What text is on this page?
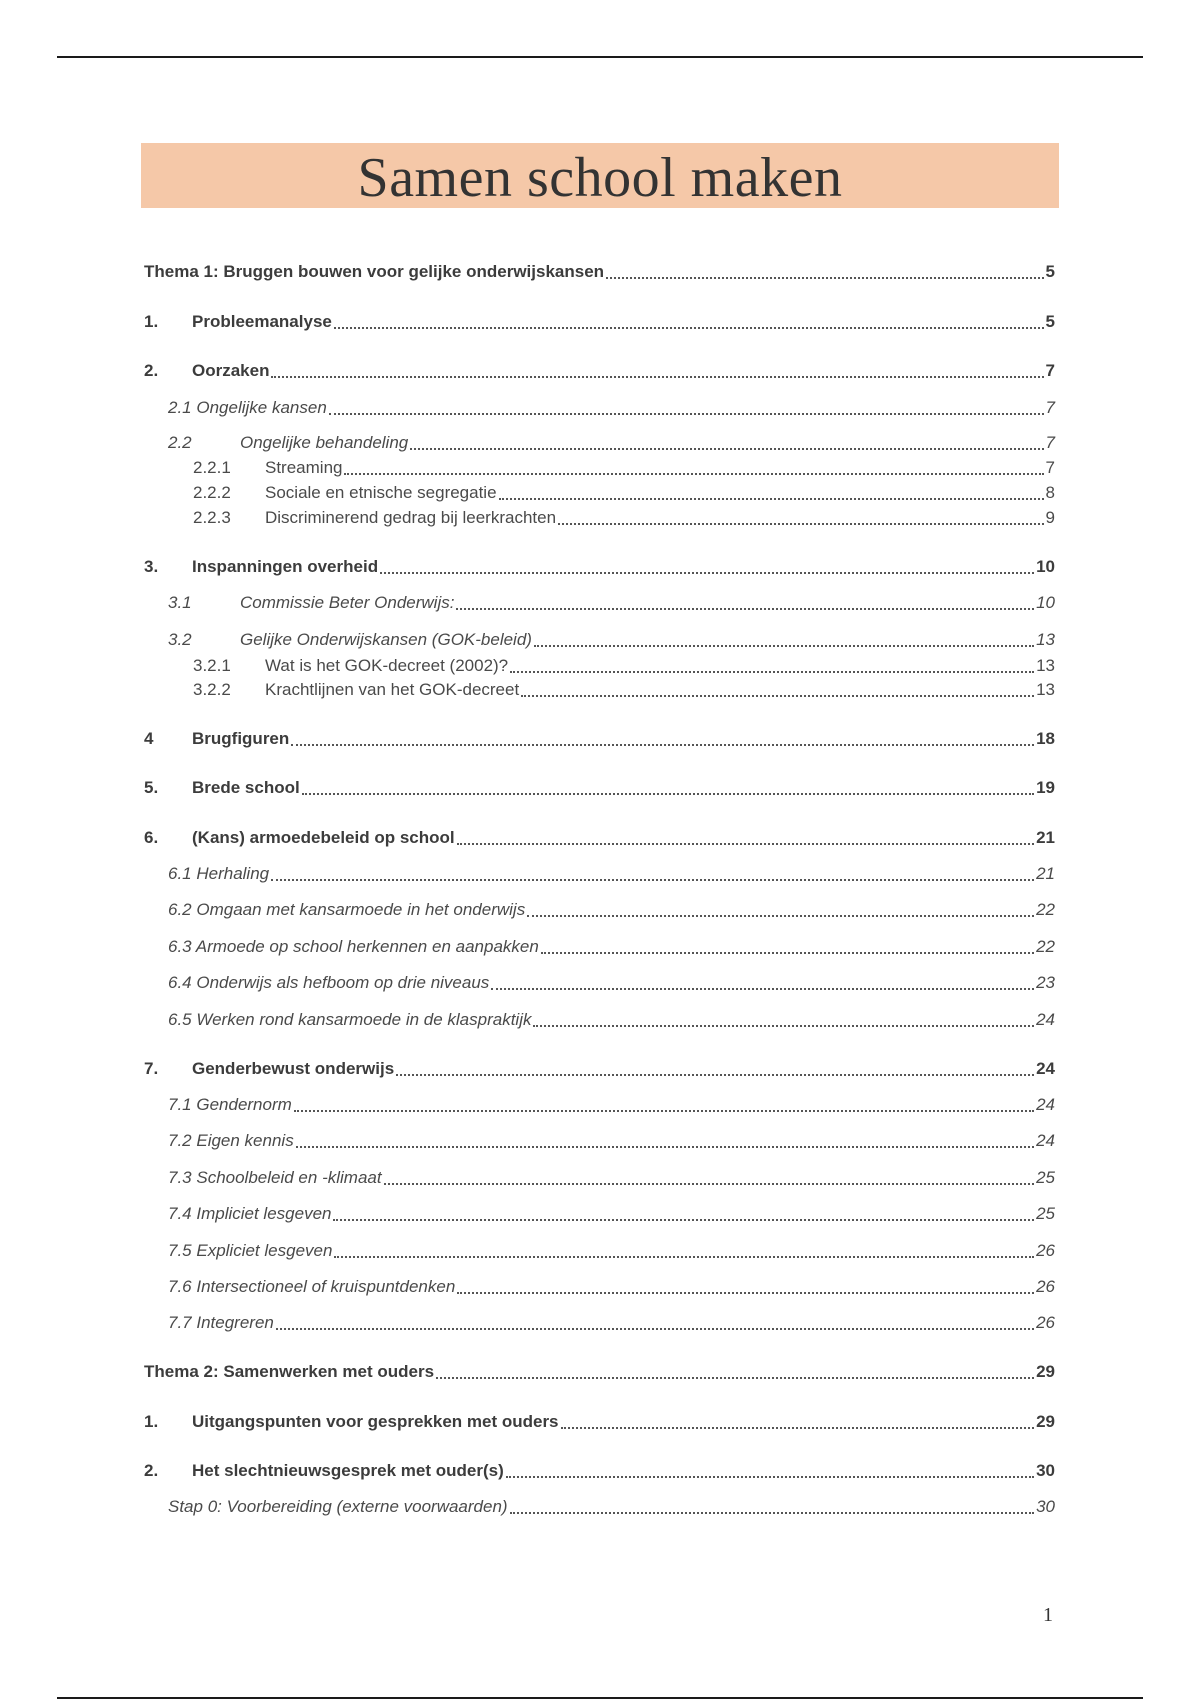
Samen school maken
Thema 1: Bruggen bouwen voor gelijke onderwijskansen	5
1.	Probleemanalyse	5
2.	Oorzaken	7
2.1 Ongelijke kansen	7
2.2	Ongelijke behandeling	7
2.2.1	Streaming	7
2.2.2	Sociale en etnische segregatie	8
2.2.3	Discriminerend gedrag bij leerkrachten	9
3.	Inspanningen overheid	10
3.1	Commissie Beter Onderwijs:	10
3.2	Gelijke Onderwijskansen (GOK-beleid)	13
3.2.1	Wat is het GOK-decreet (2002)?	13
3.2.2	Krachtlijnen van het GOK-decreet	13
4	Brugfiguren	18
5.	Brede school	19
6.	(Kans) armoedebeleid op school	21
6.1 Herhaling	21
6.2 Omgaan met kansarmoede in het onderwijs	22
6.3 Armoede op school herkennen en aanpakken	22
6.4 Onderwijs als hefboom op drie niveaus	23
6.5 Werken rond kansarmoede in de klaspraktijk	24
7.	Genderbewust onderwijs	24
7.1 Gendernorm	24
7.2 Eigen kennis	24
7.3 Schoolbeleid en -klimaat	25
7.4 Impliciet lesgeven	25
7.5 Expliciet lesgeven	26
7.6 Intersectioneel of kruispuntdenken	26
7.7 Integreren	26
Thema 2: Samenwerken met ouders	29
1.	Uitgangspunten voor gesprekken met ouders	29
2.	Het slechtnieuwsgesprek met ouder(s)	30
Stap 0: Voorbereiding (externe voorwaarden)	30
1
